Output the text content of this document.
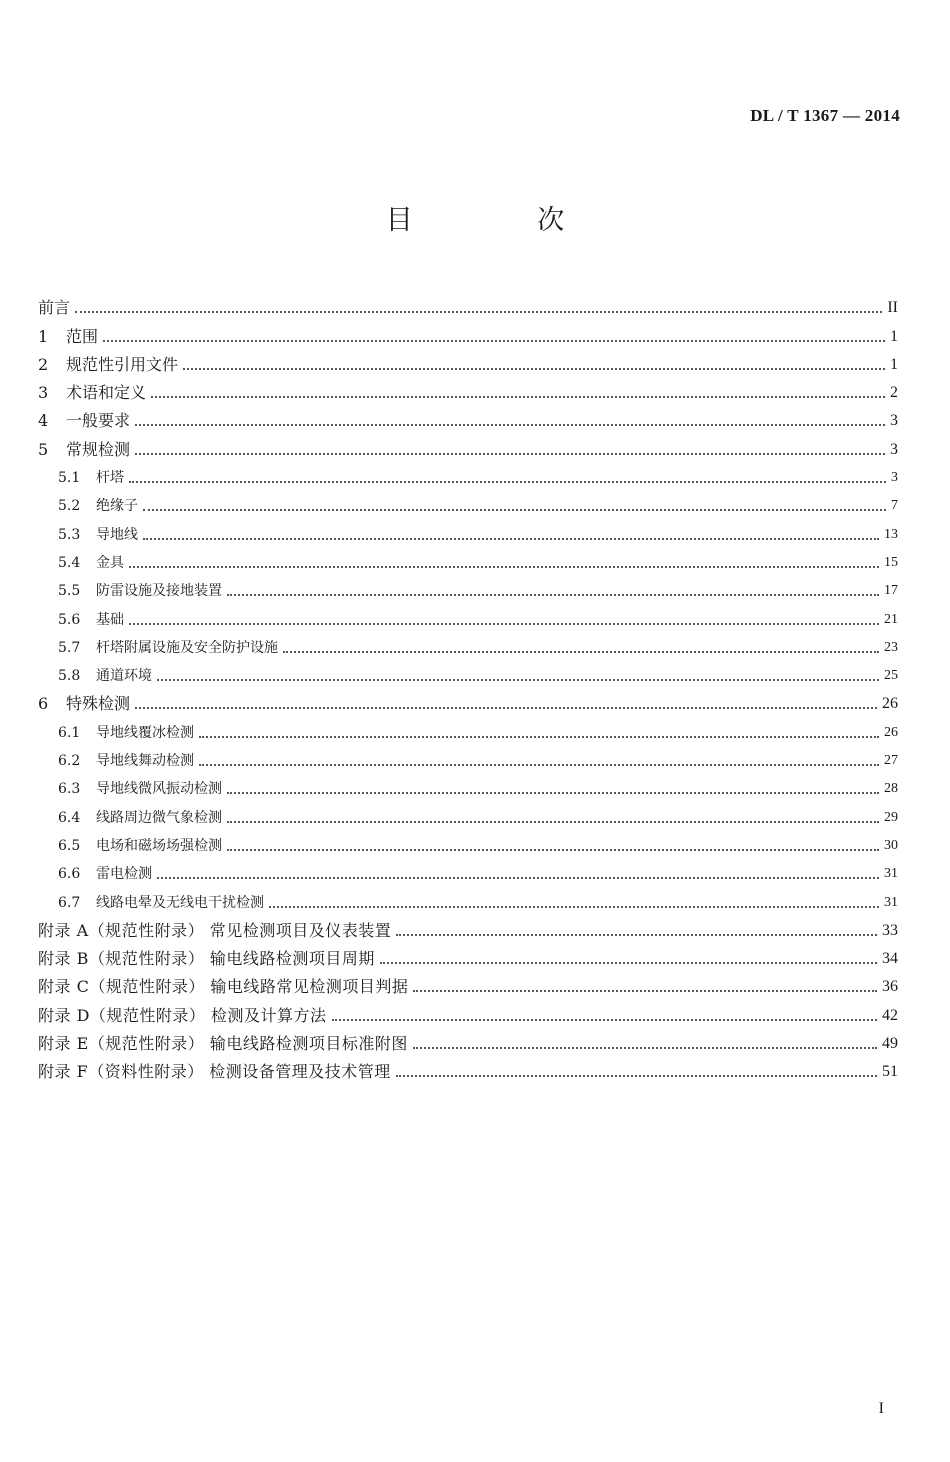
DL / T 1367 — 2014
目 次
前言	II
1	范围	1
2	规范性引用文件	1
3	术语和定义	2
4	一般要求	3
5	常规检测	3
5.1	杆塔	3
5.2	绝缘子	7
5.3	导地线	13
5.4	金具	15
5.5	防雷设施及接地装置	17
5.6	基础	21
5.7	杆塔附属设施及安全防护设施	23
5.8	通道环境	25
6	特殊检测	26
6.1	导地线覆冰检测	26
6.2	导地线舞动检测	27
6.3	导地线微风振动检测	28
6.4	线路周边微气象检测	29
6.5	电场和磁场场强检测	30
6.6	雷电检测	31
6.7	线路电晕及无线电干扰检测	31
附录 A（规范性附录） 常见检测项目及仪表装置	33
附录 B（规范性附录） 输电线路检测项目周期	34
附录 C（规范性附录） 输电线路常见检测项目判据	36
附录 D（规范性附录） 检测及计算方法	42
附录 E（规范性附录） 输电线路检测项目标准附图	49
附录 F（资料性附录） 检测设备管理及技术管理	51
I
